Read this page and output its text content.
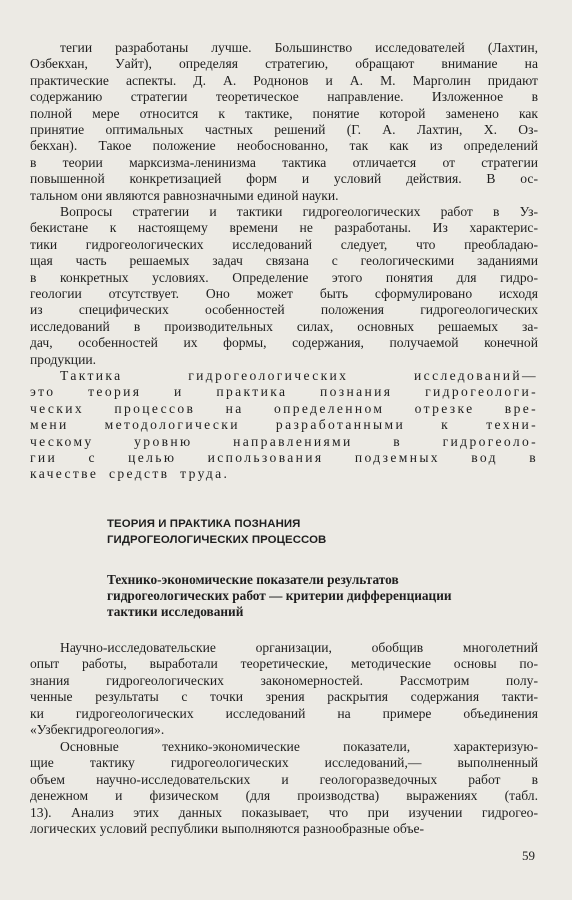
тегии разработаны лучше. Большинство исследователей (Лахтин,
Озбекхан, Уайт), определяя стратегию, обращают внимание на
практические аспекты. Д. А. Роднонов и А. М. Марголин придают
содержанию стратегии теоретическое направление. Изложенное в
полной мере относится к тактике, понятие которой заменено как
принятие оптимальных частных решений (Г. А. Лахтин, Х. Оз-
бекхан). Такое положение необоснованно, так как из определений
в теории марксизма-ленинизма тактика отличается от стратегии
повышенной конкретизацией форм и условий действия. В ос-
тальном они являются равнозначными единой науки.

Вопросы стратегии и тактики гидрогеологических работ в Уз-
бекистане к настоящему времени не разработаны. Из характерис-
тики гидрогеологических исследований следует, что преобладаю-
щая часть решаемых задач связана с геологическими заданиями
в конкретных условиях. Определение этого понятия для гидро-
геологии отсутствует. Оно может быть сформулировано исходя
из специфических особенностей положения гидрогеологических
исследований в производительных силах, основных решаемых за-
дач, особенностей их формы, содержания, получаемой конечной
продукции.

Тактика гидрогеологических исследований—
это теория и практика познания гидрогеологи-
ческих процессов на определенном отрезке вре-
мени методологически разработанными к техни-
ческому уровню направлениями в гидрогеоло-
гии с целью использования подземных вод в
качестве средств труда.

ТЕОРИЯ И ПРАКТИКА ПОЗНАНИЯ
ГИДРОГЕОЛОГИЧЕСКИХ ПРОЦЕССОВ
Технико-экономические показатели результатов
гидрогеологических работ — критерии дифференциации
тактики исследований

Научно-исследовательские организации, обобщив многолетний
опыт работы, выработали теоретические, методические основы по-
знания гидрогеологических закономерностей. Рассмотрим полу-
ченные результаты с точки зрения раскрытия содержания такти-
ки гидрогеологических исследований на примере объединения
«Узбекгидрогеология».

Основные технико-экономические показатели, характеризую-
щие тактику гидрогеологических исследований,— выполненный
объем научно-исследовательских и геологоразведочных работ в
денежном и физическом (для производства) выражениях (табл.
13). Анализ этих данных показывает, что при изучении гидрогео-
логических условий республики выполняются разнообразные объе-

59
